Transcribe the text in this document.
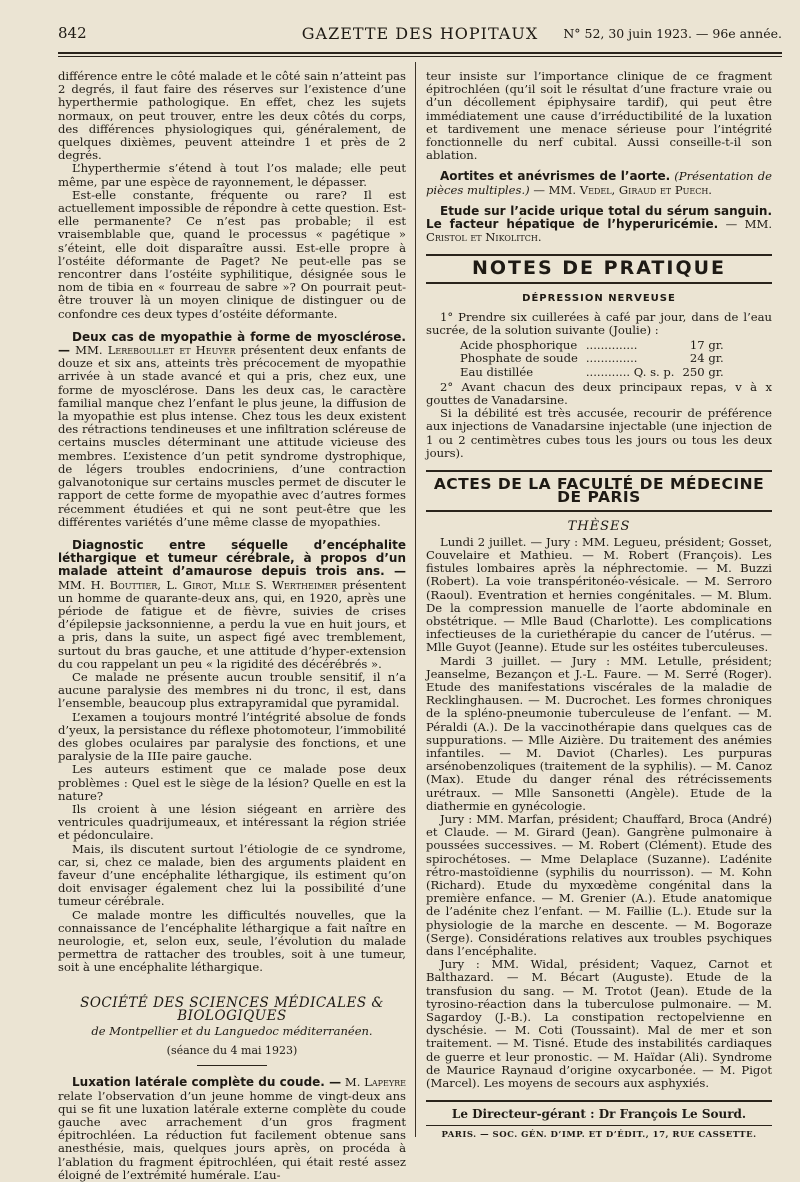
842	GAZETTE DES HOPITAUX	N° 52, 30 juin 1923. — 96e année.

différence entre le côté malade et le côté sain n’atteint pas 2 degrés, il faut faire des réserves sur l’existence d’une hyperthermie pathologique. En effet, chez les sujets normaux, on peut trouver, entre les deux côtés du corps, des différences physiologiques qui, généralement, de quelques dixièmes, peuvent atteindre 1 et près de 2 degrés.

L’hyperthermie s’étend à tout l’os malade; elle peut même, par une espèce de rayonnement, le dépasser.

Est-elle constante, fréquente ou rare? Il est actuellement impossible de répondre à cette question. Est-elle permanente? Ce n’est pas probable; il est vraisemblable que, quand le processus « pagétique » s’éteint, elle doit disparaître aussi. Est-elle propre à l’ostéite déformante de Paget? Ne peut-elle pas se rencontrer dans l’ostéite syphilitique, désignée sous le nom de tibia en « fourreau de sabre »? On pourrait peut-être trouver là un moyen clinique de distinguer ou de confondre ces deux types d’ostéite déformante.

Deux cas de myopathie à forme de myosclérose. — MM. Lereboullet et Heuyer présentent deux enfants de douze et six ans, atteints très précocement de myopathie arrivée à un stade avancé et qui a pris, chez eux, une forme de myosclérose. Dans les deux cas, le caractère familial manque chez l’enfant le plus jeune, la diffusion de la myopathie est plus intense. Chez tous les deux existent des rétractions tendineuses et une infiltration scléreuse de certains muscles déterminant une attitude vicieuse des membres. L’existence d’un petit syndrome dystrophique, de légers troubles endocriniens, d’une contraction galvanotonique sur certains muscles permet de discuter le rapport de cette forme de myopathie avec d’autres formes récemment étudiées et qui ne sont peut-être que les différentes variétés d’une même classe de myopathies.

Diagnostic entre séquelle d’encéphalite léthargique et tumeur cérébrale, à propos d’un malade atteint d’amaurose depuis trois ans. — MM. H. Bouttier, L. Girot, Mlle S. Wertheimer présentent un homme de quarante-deux ans, qui, en 1920, après une période de fatigue et de fièvre, suivies de crises d’épilepsie jacksonnienne, a perdu la vue en huit jours, et a pris, dans la suite, un aspect figé avec tremblement, surtout du bras gauche, et une attitude d’hyper-extension du cou rappelant un peu « la rigidité des décérébrés ».

Ce malade ne présente aucun trouble sensitif, il n’a aucune paralysie des membres ni du tronc, il est, dans l’ensemble, beaucoup plus extrapyramidal que pyramidal.

L’examen a toujours montré l’intégrité absolue de fonds d’yeux, la persistance du réflexe photomoteur, l’immobilité des globes oculaires par paralysie des fonctions, et une paralysie de la IIIe paire gauche.

Les auteurs estiment que ce malade pose deux problèmes : Quel est le siège de la lésion? Quelle en est la nature?

Ils croient à une lésion siégeant en arrière des ventricules quadrijumeaux, et intéressant la région striée et pédonculaire.

Mais, ils discutent surtout l’étiologie de ce syndrome, car, si, chez ce malade, bien des arguments plaident en faveur d’une encéphalite léthargique, ils estiment qu’on doit envisager également chez lui la possibilité d’une tumeur cérébrale.

Ce malade montre les difficultés nouvelles, que la connaissance de l’encéphalite léthargique a fait naître en neurologie, et, selon eux, seule, l’évolution du malade permettra de rattacher des troubles, soit à une tumeur, soit à une encéphalite léthargique.

SOCIÉTÉ DES SCIENCES MÉDICALES & BIOLOGIQUES
de Montpellier et du Languedoc méditerranéen.
(séance du 4 mai 1923)

Luxation latérale complète du coude. — M. Lapeyre relate l’observation d’un jeune homme de vingt-deux ans qui se fit une luxation latérale externe complète du coude gauche avec arrachement d’un gros fragment épitrochléen. La réduction fut facilement obtenue sans anesthésie, mais, quelques jours après, on procéda à l’ablation du fragment épitrochléen, qui était resté assez éloigné de l’extrémité humérale. L’au-

teur insiste sur l’importance clinique de ce fragment épitrochléen (qu’il soit le résultat d’une fracture vraie ou d’un décollement épiphysaire tardif), qui peut être immédiatement une cause d’irréductibilité de la luxation et tardivement une menace sérieuse pour l’intégrité fonctionnelle du nerf cubital. Aussi conseille-t-il son ablation.

Aortites et anévrismes de l’aorte. (Présentation de pièces multiples.) — MM. Vedel, Giraud et Puech.

Etude sur l’acide urique total du sérum sanguin. Le facteur hépatique de l’hyperuricémie. — MM. Cristol et Nikolitch.

NOTES DE PRATIQUE
DÉPRESSION NERVEUSE

1° Prendre six cuillerées à café par jour, dans de l’eau sucrée, de la solution suivante (Joulie) :

Acide phosphorique	..............	17 gr.
Phosphate de soude	..............	24 gr.
Eau distillée	............ Q. s. p.	250 gr.

2° Avant chacun des deux principaux repas, v à x gouttes de Vanadarsine.

Si la débilité est très accusée, recourir de préférence aux injections de Vanadarsine injectable (une injection de 1 ou 2 centimètres cubes tous les jours ou tous les deux jours).

ACTES DE LA FACULTÉ DE MÉDECINE DE PARIS
THÈSES

Lundi 2 juillet. — Jury : MM. Legueu, président; Gosset, Couvelaire et Mathieu. — M. Robert (François). Les fistules lombaires après la néphrectomie. — M. Buzzi (Robert). La voie transpéritonéo-vésicale. — M. Serroro (Raoul). Eventration et hernies congénitales. — M. Blum. De la compression manuelle de l’aorte abdominale en obstétrique. — Mlle Baud (Charlotte). Les complications infectieuses de la curiethérapie du cancer de l’utérus. — Mlle Guyot (Jeanne). Etude sur les ostéites tuberculeuses.

Mardi 3 juillet. — Jury : MM. Letulle, président; Jeanselme, Bezançon et J.-L. Faure. — M. Serré (Roger). Etude des manifestations viscérales de la maladie de Recklinghausen. — M. Ducrochet. Les formes chroniques de la spléno-pneumonie tuberculeuse de l’enfant. — M. Péraldi (A.). De la vaccinothérapie dans quelques cas de suppurations. — Mlle Aizière. Du traitement des anémies infantiles. — M. Daviot (Charles). Les purpuras arsénobenzoliques (traitement de la syphilis). — M. Canoz (Max). Etude du danger rénal des rétrécissements urétraux. — Mlle Sansonetti (Angèle). Etude de la diathermie en gynécologie.

Jury : MM. Marfan, président; Chauffard, Broca (André) et Claude. — M. Girard (Jean). Gangrène pulmonaire à poussées successives. — M. Robert (Clément). Etude des spirochétoses. — Mme Delaplace (Suzanne). L’adénite rétro-mastoïdienne (syphilis du nourrisson). — M. Kohn (Richard). Etude du myxœdème congénital dans la première enfance. — M. Grenier (A.). Etude anatomique de l’adénite chez l’enfant. — M. Faillie (L.). Etude sur la physiologie de la marche en descente. — M. Bogoraze (Serge). Considérations relatives aux troubles psychiques dans l’encéphalite.

Jury : MM. Widal, président; Vaquez, Carnot et Balthazard. — M. Bécart (Auguste). Etude de la transfusion du sang. — M. Trotot (Jean). Etude de la tyrosino-réaction dans la tuberculose pulmonaire. — M. Sagardoy (J.-B.). La constipation rectopelvienne en dyschésie. — M. Coti (Toussaint). Mal de mer et son traitement. — M. Tisné. Etude des instabilités cardiaques de guerre et leur pronostic. — M. Haïdar (Ali). Syndrome de Maurice Raynaud d’origine oxycarbonée. — M. Pigot (Marcel). Les moyens de secours aux asphyxiés.

Le Directeur-gérant : Dr François Le Sourd.
PARIS. — SOC. GÉN. D’IMP. ET D’ÉDIT., 17, RUE CASSETTE.
